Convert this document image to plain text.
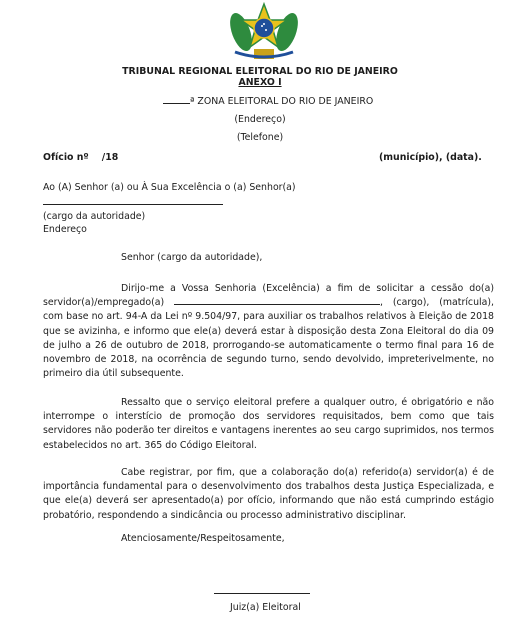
TRIBUNAL REGIONAL ELEITORAL DO RIO DE JANEIRO
ANEXO I
ª ZONA ELEITORAL DO RIO DE JANEIRO
(Endereço)
(Telefone)
Ofício nº /18	(município), (data).
Ao (A) Senhor (a) ou À Sua Excelência o (a) Senhor(a)
(cargo da autoridade)
Endereço
Senhor (cargo da autoridade),

Dirijo-me a Vossa Senhoria (Excelência) a fim de solicitar a cessão do(a) servidor(a)/empregado(a)	, (cargo), (matrícula), com base no art. 94-A da Lei nº 9.504/97, para auxiliar os trabalhos relativos à Eleição de 2018 que se avizinha, e informo que ele(a) deverá estar à disposição desta Zona Eleitoral do dia 09 de julho a 26 de outubro de 2018, prorrogando-se automaticamente o termo final para 16 de novembro de 2018, na ocorrência de segundo turno, sendo devolvido, impreterivelmente, no primeiro dia útil subsequente.

Ressalto que o serviço eleitoral prefere a qualquer outro, é obrigatório e não interrompe o interstício de promoção dos servidores requisitados, bem como que tais servidores não poderão ter direitos e vantagens inerentes ao seu cargo suprimidos, nos termos estabelecidos no art. 365 do Código Eleitoral.

Cabe registrar, por fim, que a colaboração do(a) referido(a) servidor(a) é de importância fundamental para o desenvolvimento dos trabalhos desta Justiça Especializada, e que ele(a) deverá ser apresentado(a) por ofício, informando que não está cumprindo estágio probatório, respondendo a sindicância ou processo administrativo disciplinar.

Atenciosamente/Respeitosamente,
Juiz(a) Eleitoral
